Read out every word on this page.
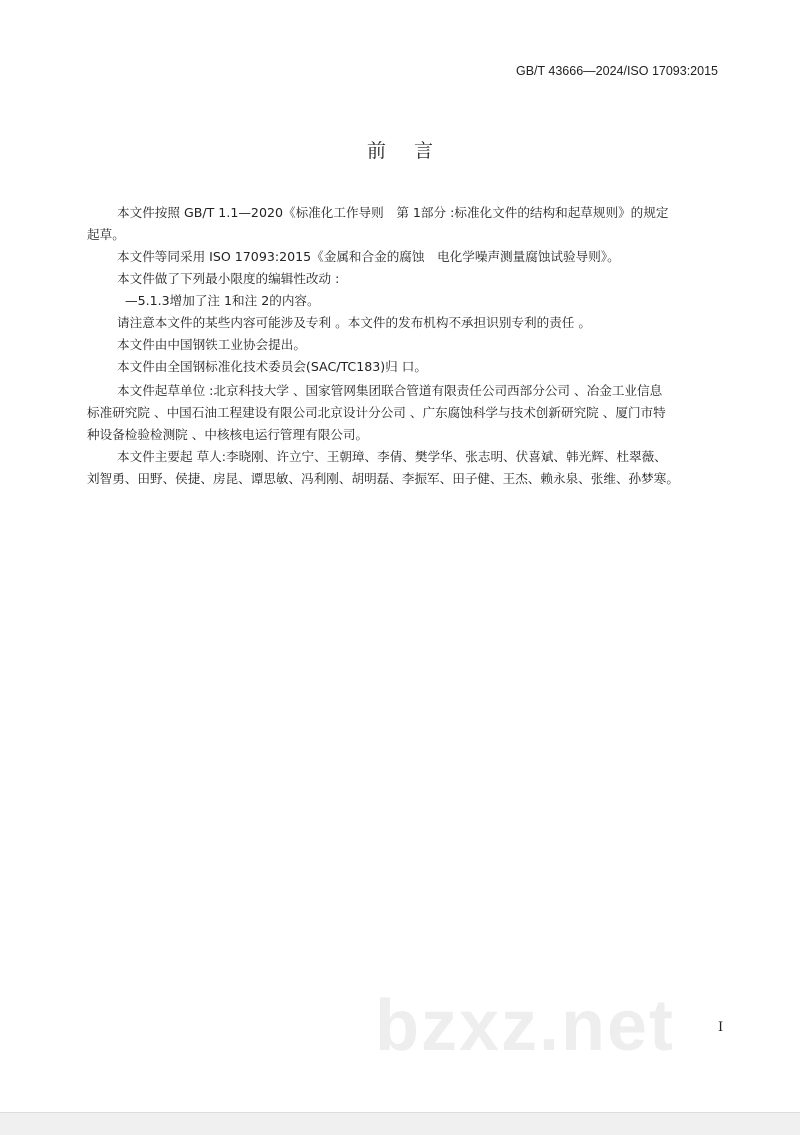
GB/T 43666—2024/ISO 17093:2015
前言
本文件按照 GB/T 1.1—2020《标准化工作导则　第 1部分 :标准化文件的结构和起草规则》的规定
起草。
本文件等同采用 ISO 17093:2015《金属和合金的腐蚀　电化学噪声测量腐蚀试验导则》。
本文件做了下列最小限度的编辑性改动 :
—5.1.3增加了注 1和注 2的内容。
请注意本文件的某些内容可能涉及专利 。本文件的发布机构不承担识别专利的责任 。
本文件由中国钢铁工业协会提出。
本文件由全国钢标准化技术委员会(SAC/TC183)归 口。
本文件起草单位 :北京科技大学 、国家管网集团联合管道有限责任公司西部分公司 、冶金工业信息
标准研究院 、中国石油工程建设有限公司北京设计分公司 、广东腐蚀科学与技术创新研究院 、厦门市特
种设备检验检测院 、中核核电运行管理有限公司。
本文件主要起 草人:李晓刚、许立宁、王朝璋、李倩、樊学华、张志明、伏喜斌、韩光辉、杜翠薇、
刘智勇、田野、侯捷、房昆、谭思敏、冯利刚、胡明磊、李振军、田子健、王杰、赖永泉、张维、孙梦寒。
bzxz.net	I
